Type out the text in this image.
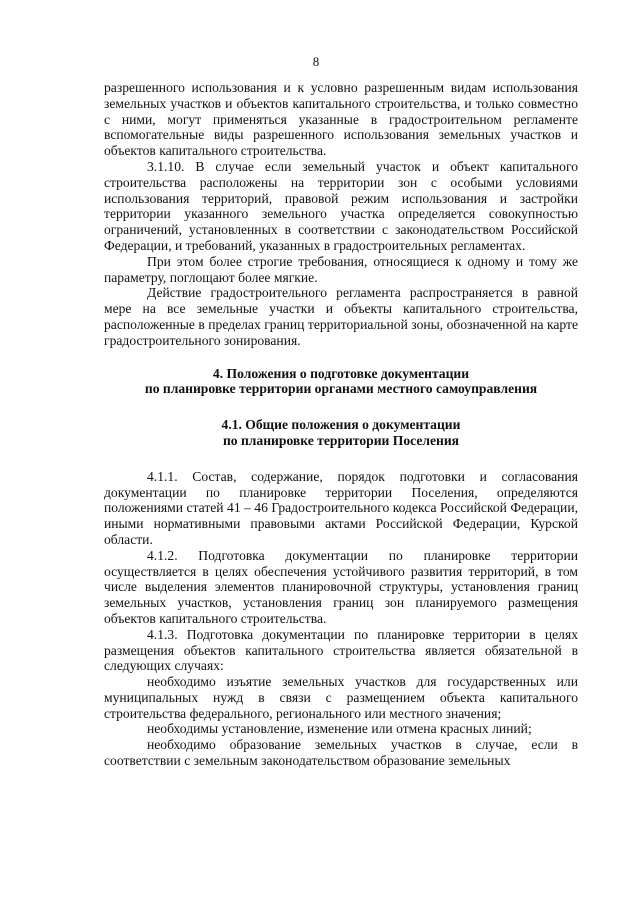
8

разрешенного использования и к условно разрешенным видам использования земельных участков и объектов капитального строительства, и только совместно с ними, могут применяться указанные в градостроительном регламенте вспомогательные виды разрешенного использования земельных участков и объектов капитального строительства.

3.1.10. В случае если земельный участок и объект капитального строительства расположены на территории зон с особыми условиями использования территорий, правовой режим использования и застройки территории указанного земельного участка определяется совокупностью ограничений, установленных в соответствии с законодательством Российской Федерации, и требований, указанных в градостроительных регламентах.

При этом более строгие требования, относящиеся к одному и тому же параметру, поглощают более мягкие.

Действие градостроительного регламента распространяется в равной мере на все земельные участки и объекты капитального строительства, расположенные в пределах границ территориальной зоны, обозначенной на карте градостроительного зонирования.

4. Положения о подготовке документации
по планировке территории органами местного самоуправления
4.1. Общие положения о документации
по планировке территории Поселения

4.1.1. Состав, содержание, порядок подготовки и согласования документации по планировке территории Поселения, определяются положениями статей 41 – 46 Градостроительного кодекса Российской Федерации, иными нормативными правовыми актами Российской Федерации, Курской области.

4.1.2. Подготовка документации по планировке территории осуществляется в целях обеспечения устойчивого развития территорий, в том числе выделения элементов планировочной структуры, установления границ земельных участков, установления границ зон планируемого размещения объектов капитального строительства.

4.1.3. Подготовка документации по планировке территории в целях размещения объектов капитального строительства является обязательной в следующих случаях:

необходимо изъятие земельных участков для государственных или муниципальных нужд в связи с размещением объекта капитального строительства федерального, регионального или местного значения;

необходимы установление, изменение или отмена красных линий;

необходимо образование земельных участков в случае, если в соответствии с земельным законодательством образование земельных
